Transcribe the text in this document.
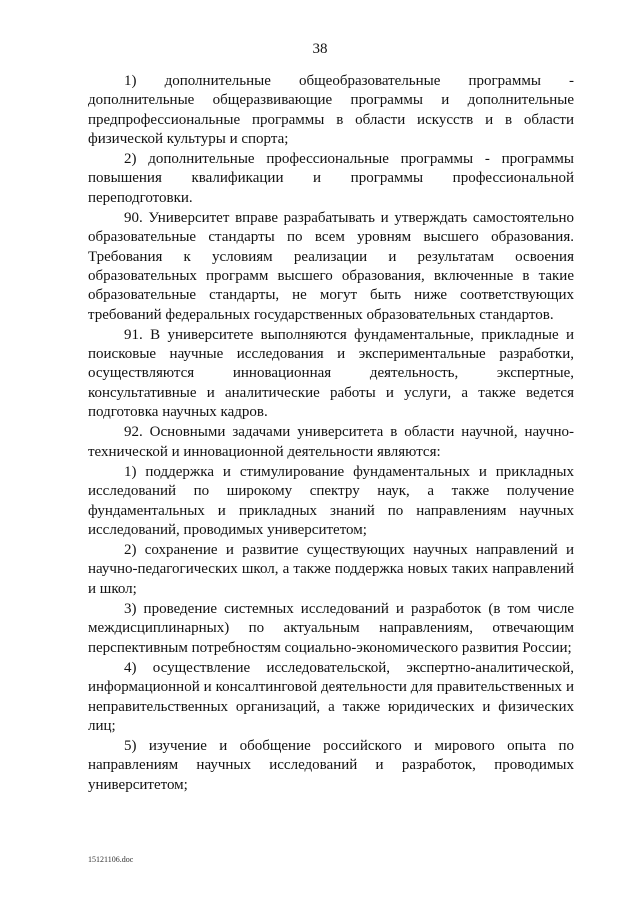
38

1) дополнительные общеобразовательные программы - дополнительные общеразвивающие программы и дополнительные предпрофессиональные программы в области искусств и в области физической культуры и спорта;

2) дополнительные профессиональные программы - программы повышения квалификации и программы профессиональной переподготовки.

90. Университет вправе разрабатывать и утверждать самостоятельно образовательные стандарты по всем уровням высшего образования. Требования к условиям реализации и результатам освоения образовательных программ высшего образования, включенные в такие образовательные стандарты, не могут быть ниже соответствующих требований федеральных государственных образовательных стандартов.

91. В университете выполняются фундаментальные, прикладные и поисковые научные исследования и экспериментальные разработки, осуществляются инновационная деятельность, экспертные, консультативные и аналитические работы и услуги, а также ведется подготовка научных кадров.

92. Основными задачами университета в области научной, научно-технической и инновационной деятельности являются:

1) поддержка и стимулирование фундаментальных и прикладных исследований по широкому спектру наук, а также получение фундаментальных и прикладных знаний по направлениям научных исследований, проводимых университетом;

2) сохранение и развитие существующих научных направлений и научно-педагогических школ, а также поддержка новых таких направлений и школ;

3) проведение системных исследований и разработок (в том числе междисциплинарных) по актуальным направлениям, отвечающим перспективным потребностям социально-экономического развития России;

4) осуществление исследовательской, экспертно-аналитической, информационной и консалтинговой деятельности для правительственных и неправительственных организаций, а также юридических и физических лиц;

5) изучение и обобщение российского и мирового опыта по направлениям научных исследований и разработок, проводимых университетом;

15121106.doc
